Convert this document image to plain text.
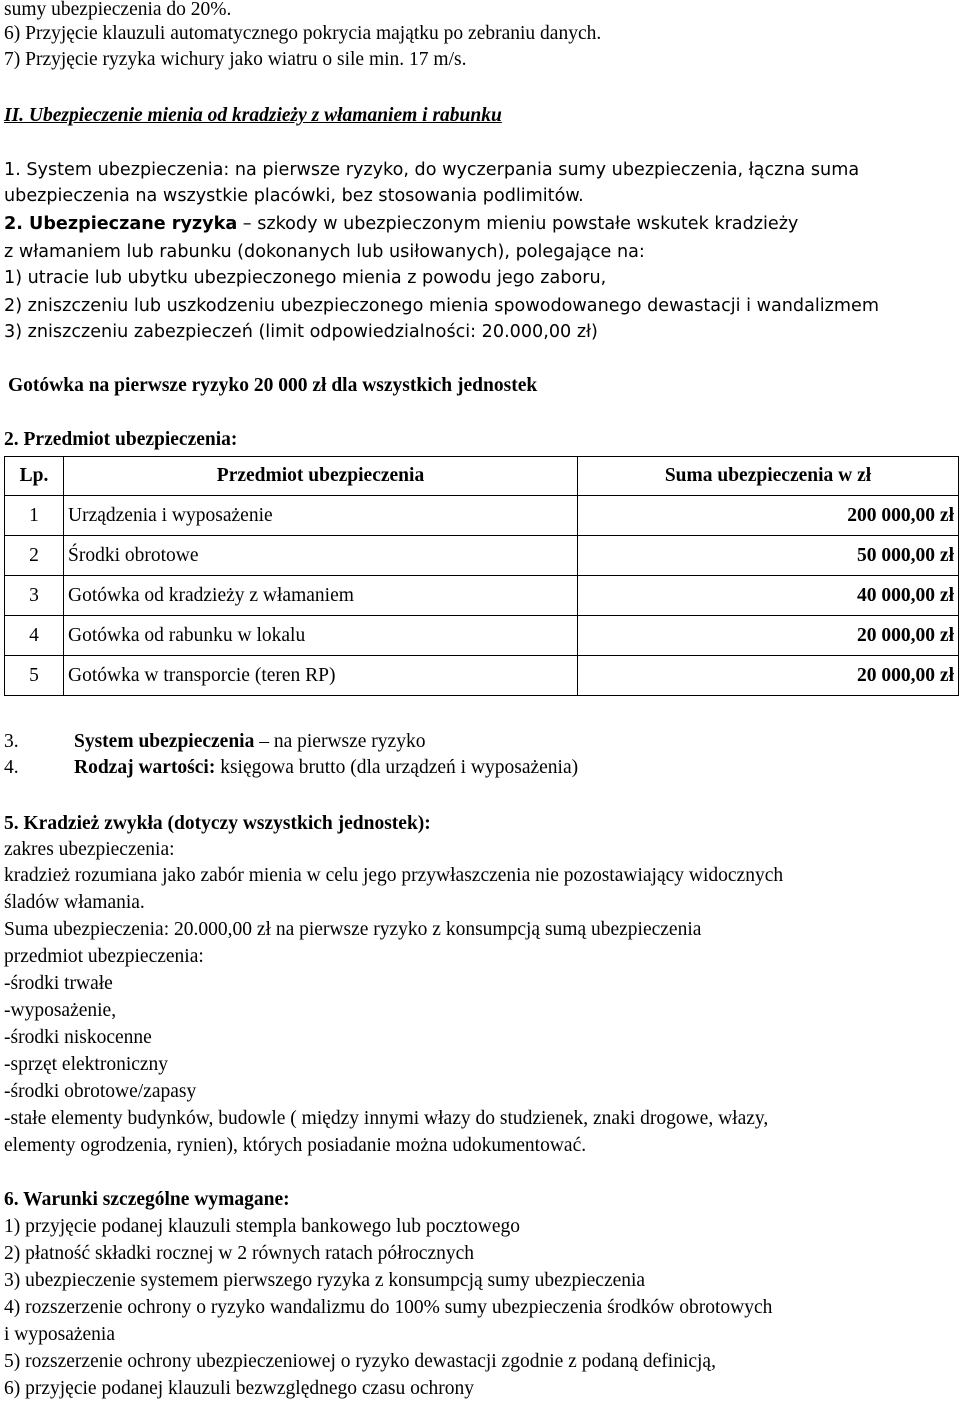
sumy ubezpieczenia do 20%.
6) Przyjęcie klauzuli automatycznego pokrycia majątku po zebraniu danych.
7) Przyjęcie ryzyka wichury jako wiatru o sile min. 17 m/s.
II. Ubezpieczenie mienia od kradzieży z włamaniem i rabunku
1. System ubezpieczenia: na pierwsze ryzyko, do wyczerpania sumy ubezpieczenia, łączna suma
ubezpieczenia na wszystkie placówki, bez stosowania podlimitów.
2. Ubezpieczane ryzyka – szkody w ubezpieczonym mieniu powstałe wskutek kradzieży
z włamaniem lub rabunku (dokonanych lub usiłowanych), polegające na:
1) utracie lub ubytku ubezpieczonego mienia z powodu jego zaboru,
2) zniszczeniu lub uszkodzeniu ubezpieczonego mienia spowodowanego dewastacji i wandalizmem
3) zniszczeniu zabezpieczeń (limit odpowiedzialności: 20.000,00 zł)
Gotówka na pierwsze ryzyko 20 000 zł dla wszystkich jednostek
2. Przedmiot ubezpieczenia:
Lp.	Przedmiot ubezpieczenia	Suma ubezpieczenia w zł
1	Urządzenia i wyposażenie	200 000,00 zł
2	Środki obrotowe	50 000,00 zł
3	Gotówka od kradzieży z włamaniem	40 000,00 zł
4	Gotówka od rabunku w lokalu	20 000,00 zł
5	Gotówka w transporcie (teren RP)	20 000,00 zł
3.	System ubezpieczenia – na pierwsze ryzyko
4.	Rodzaj wartości: księgowa brutto (dla urządzeń i wyposażenia)
5. Kradzież zwykła (dotyczy wszystkich jednostek):
zakres ubezpieczenia:
kradzież rozumiana jako zabór mienia w celu jego przywłaszczenia nie pozostawiający widocznych
śladów włamania.
Suma ubezpieczenia: 20.000,00 zł na pierwsze ryzyko z konsumpcją sumą ubezpieczenia
przedmiot ubezpieczenia:
-środki trwałe
-wyposażenie,
-środki niskocenne
-sprzęt elektroniczny
-środki obrotowe/zapasy
-stałe elementy budynków, budowle ( między innymi włazy do studzienek, znaki drogowe, włazy,
elementy ogrodzenia, rynien), których posiadanie można udokumentować.
6. Warunki szczególne wymagane:
1) przyjęcie podanej klauzuli stempla bankowego lub pocztowego
2) płatność składki rocznej w 2 równych ratach półrocznych
3) ubezpieczenie systemem pierwszego ryzyka z konsumpcją sumy ubezpieczenia
4) rozszerzenie ochrony o ryzyko wandalizmu do 100% sumy ubezpieczenia środków obrotowych
i wyposażenia
5) rozszerzenie ochrony ubezpieczeniowej o ryzyko dewastacji zgodnie z podaną definicją,
6) przyjęcie podanej klauzuli bezwzględnego czasu ochrony
